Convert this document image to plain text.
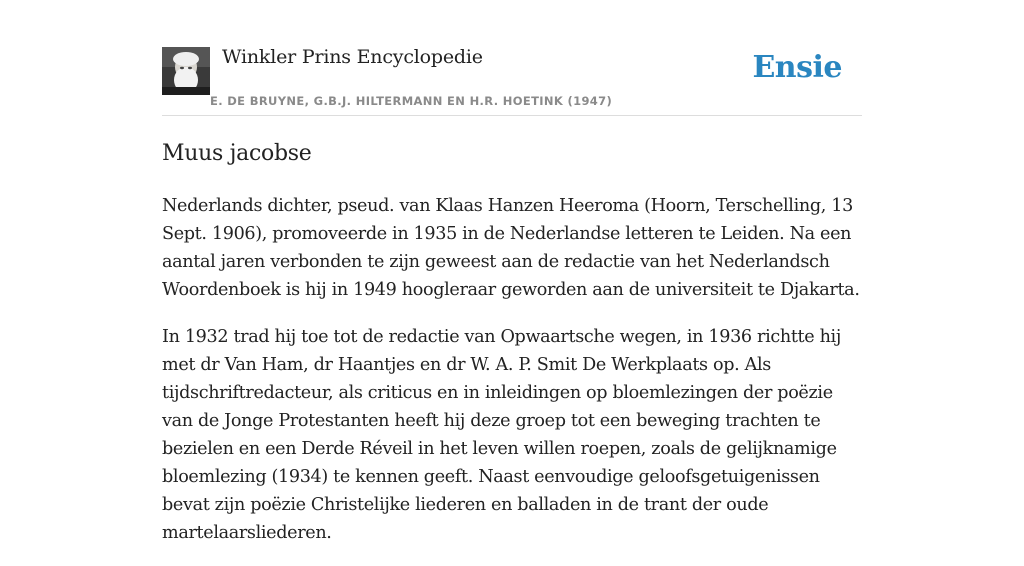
Winkler Prins Encyclopedie
E. DE BRUYNE, G.B.J. HILTERMANN EN H.R. HOETINK (1947)
Ensie
Muus jacobse

Nederlands dichter, pseud. van Klaas Hanzen Heeroma (Hoorn, Terschelling, 13 Sept. 1906), promoveerde in 1935 in de Nederlandse letteren te Leiden. Na een aantal jaren verbonden te zijn geweest aan de redactie van het Nederlandsch Woordenboek is hij in 1949 hoogleraar geworden aan de universiteit te Djakarta.

In 1932 trad hij toe tot de redactie van Opwaartsche wegen, in 1936 richtte hij met dr Van Ham, dr Haantjes en dr W. A. P. Smit De Werkplaats op. Als tijdschriftredacteur, als criticus en in inleidingen op bloemlezingen der poëzie van de Jonge Protestanten heeft hij deze groep tot een beweging trachten te bezielen en een Derde Réveil in het leven willen roepen, zoals de gelijknamige bloemlezing (1934) te kennen geeft. Naast eenvoudige geloofsgetuigenissen bevat zijn poëzie Christelijke liederen en balladen in de trant der oude martelaarsliederen.
